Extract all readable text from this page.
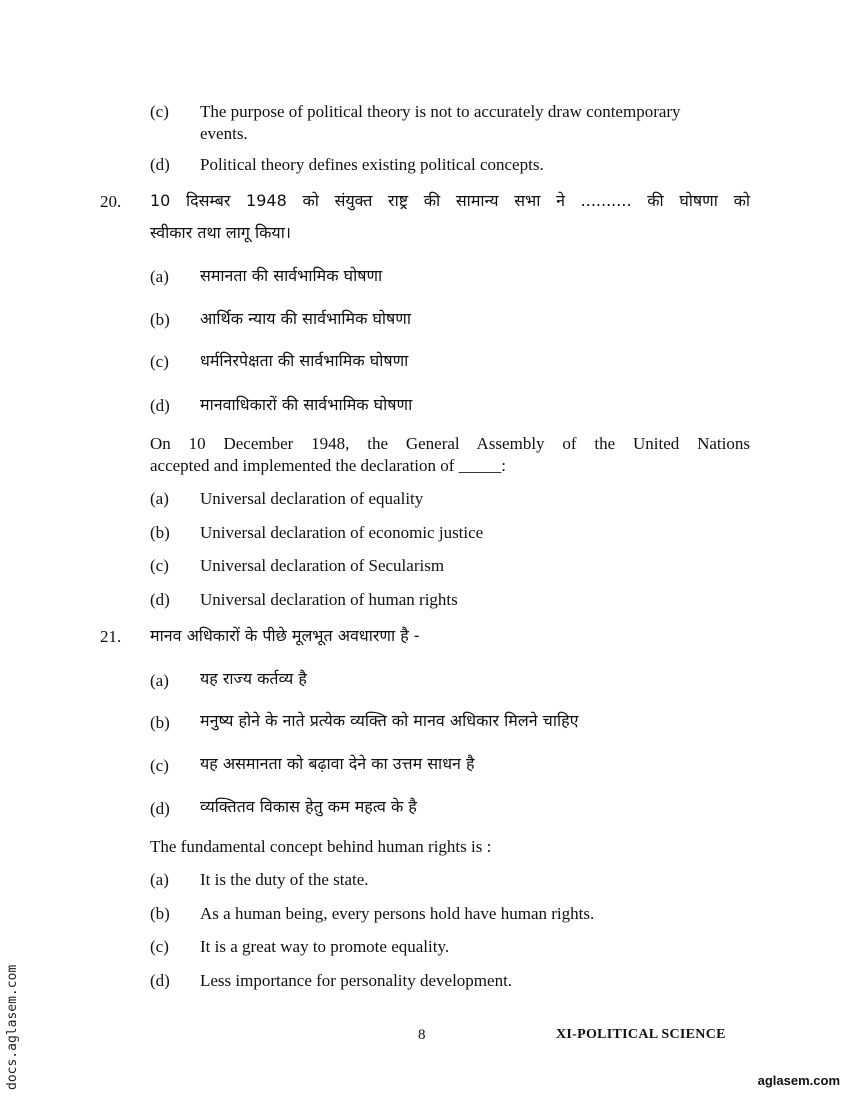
(c) The purpose of political theory is not to accurately draw contemporary
events.
(d) Political theory defines existing political concepts.
20. 10 दिसम्बर 1948 को संयुक्त राष्ट्र की सामान्य सभा ने .......... की घोषणा को
स्वीकार तथा लागू किया।
(a) समानता की सार्वभामिक घोषणा
(b) आर्थिक न्याय की सार्वभामिक घोषणा
(c) धर्मनिरपेक्षता की सार्वभामिक घोषणा
(d) मानवाधिकारों की सार्वभामिक घोषणा
On 10 December 1948, the General Assembly of the United Nations
accepted and implemented the declaration of _____:
(a) Universal declaration of equality
(b) Universal declaration of economic justice
(c) Universal declaration of Secularism
(d) Universal declaration of human rights
21. मानव अधिकारों के पीछे मूलभूत अवधारणा है -
(a) यह राज्य कर्तव्य है
(b) मनुष्य होने के नाते प्रत्येक व्यक्ति को मानव अधिकार मिलने चाहिए
(c) यह असमानता को बढ़ावा देने का उत्तम साधन है
(d) व्यक्तितव विकास हेतु कम महत्व के है
The fundamental concept behind human rights is :
(a) It is the duty of the state.
(b) As a human being, every persons hold have human rights.
(c) It is a great way to promote equality.
(d) Less importance for personality development.
8	XI-POLITICAL SCIENCE
docs.aglasem.com	aglasem.com
